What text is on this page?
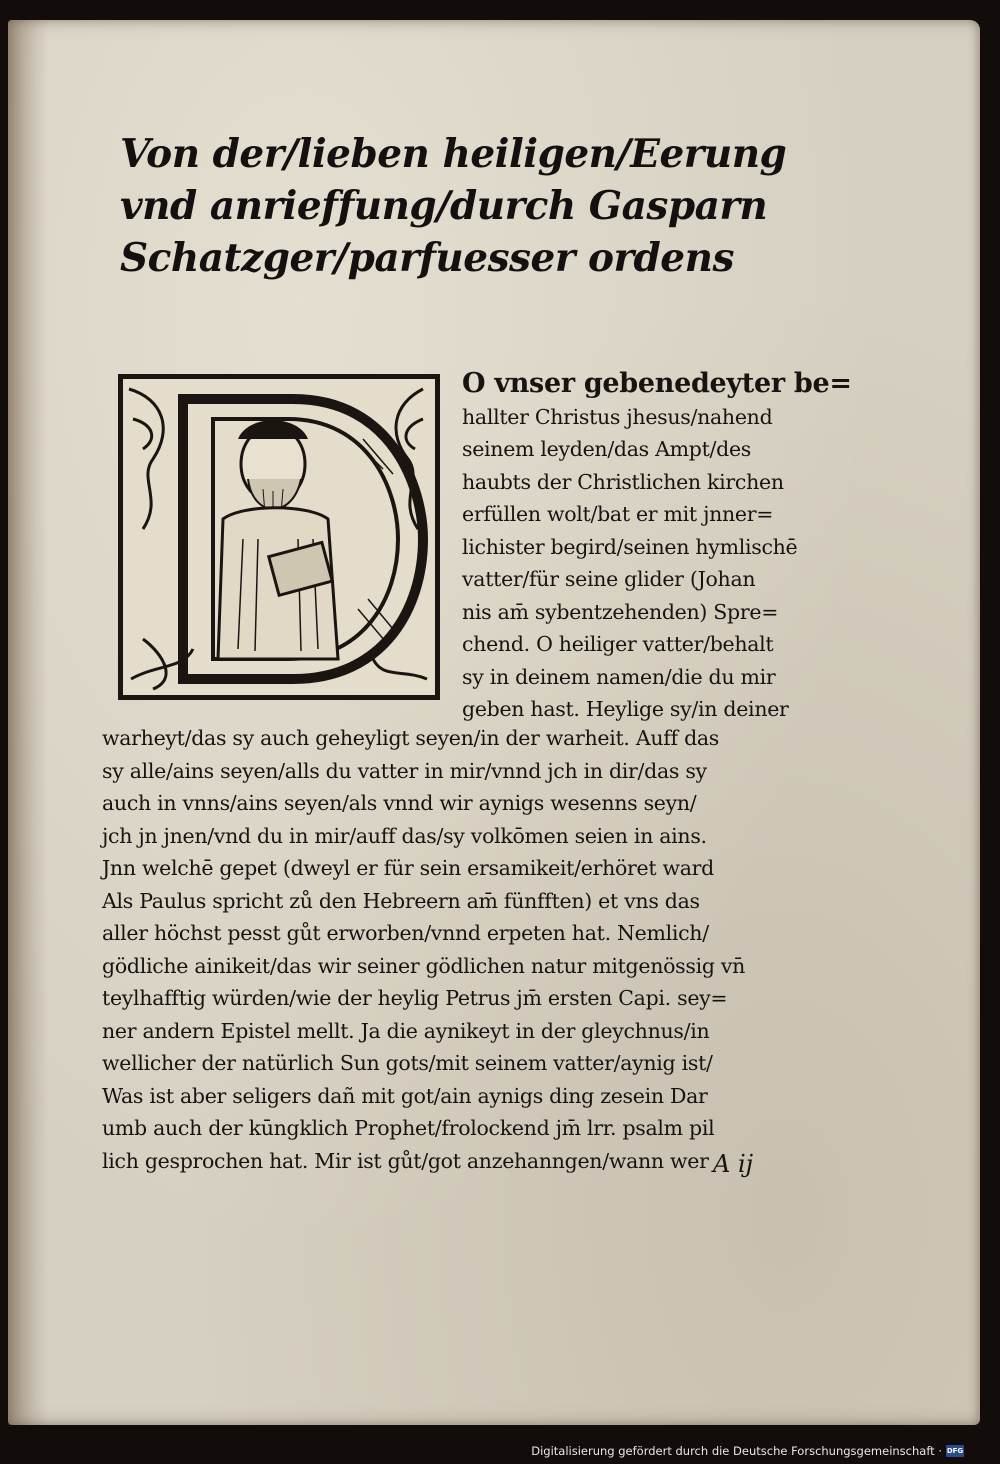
Von der/lieben heiligen/Eerung
vnd anrieffung/durch Gasparn
Schatzger/parfuesser ordens
O vnser gebenedeyter be=
hallter Christus jhesus/nahend
seinem leyden/das Ampt/des
haubts der Christlichen kirchen
erfüllen wolt/bat er mit jnner=
lichister begird/seinen hymlischē
vatter/für seine glider (Johan
nis am̄ sybentzehenden) Spre=
chend. O heiliger vatter/behalt
sy in deinem namen/die du mir
geben hast. Heylige sy/in deiner
warheyt/das sy auch geheyligt seyen/in der warheit. Auff das
sy alle/ains seyen/alls du vatter in mir/vnnd jch in dir/das sy
auch in vnns/ains seyen/als vnnd wir aynigs wesenns seyn/
jch jn jnen/vnd du in mir/auff das/sy volkōmen seien in ains.
Jnn welchē gepet (dweyl er für sein ersamikeit/erhöret ward
Als Paulus spricht zů den Hebreern am̄ fünfften) et vns das
aller höchst pesst gůt erworben/vnnd erpeten hat. Nemlich/
gödliche ainikeit/das wir seiner gödlichen natur mitgenössig vn̄
teylhafftig würden/wie der heylig Petrus jm̄ ersten Capi. sey=
ner andern Epistel mellt. Ja die aynikeyt in der gleychnus/in
wellicher der natürlich Sun gots/mit seinem vatter/aynig ist/
Was ist aber seligers dañ mit got/ain aynigs ding zesein Dar
umb auch der kūngklich Prophet/frolockend jm̄ lrr. psalm pil
lich gesprochen hat. Mir ist gůt/got anzehanngen/wann wer A ij
Digitalisierung gefördert durch die Deutsche Forschungsgemeinschaft · DFG
